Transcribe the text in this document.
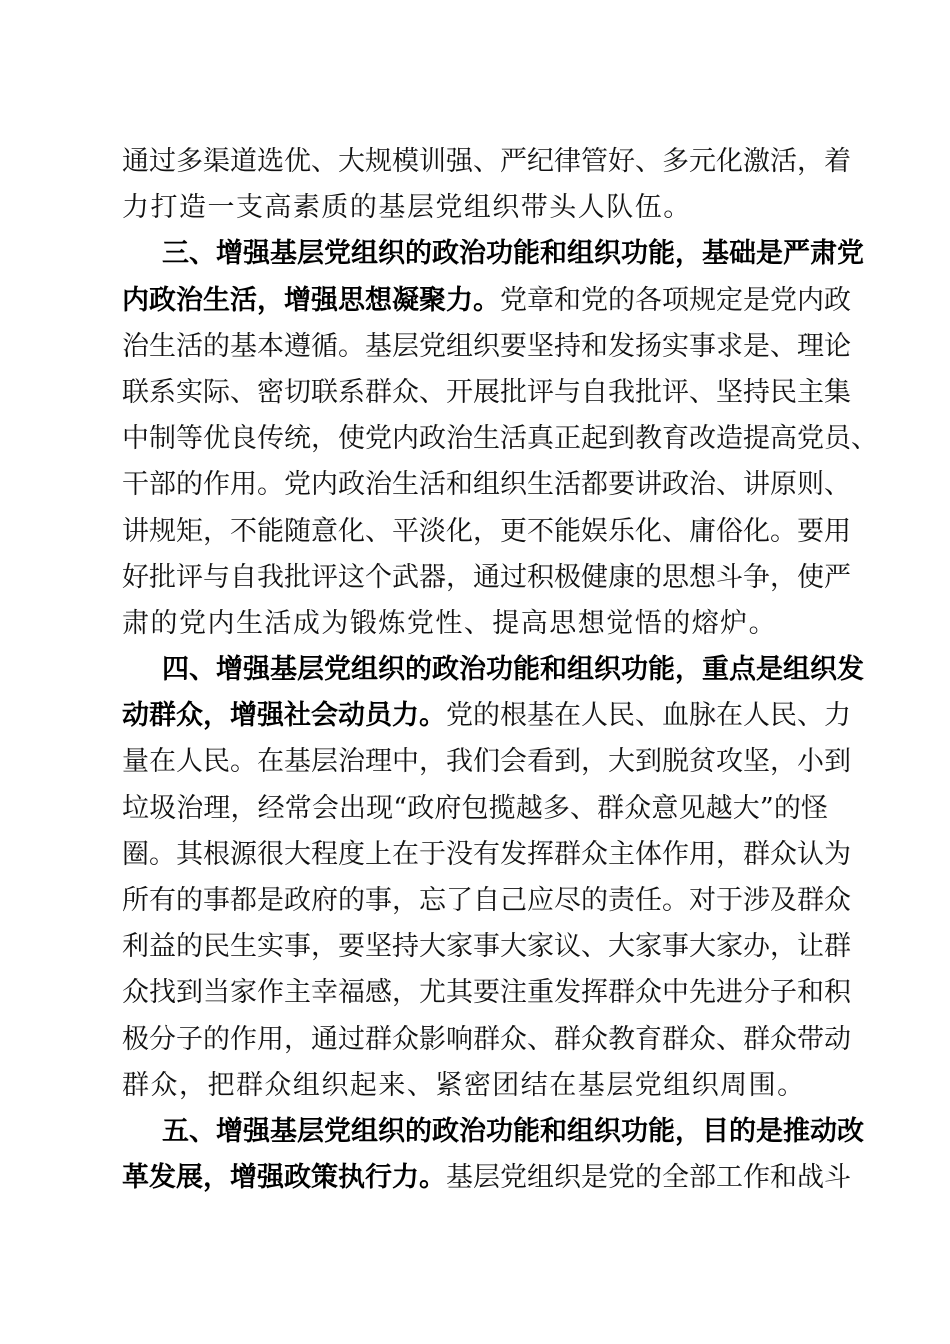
通过多渠道选优、大规模训强、严纪律管好、多元化激活，着
力打造一支高素质的基层党组织带头人队伍。
三、增强基层党组织的政治功能和组织功能，基础是严肃党
内政治生活，增强思想凝聚力。党章和党的各项规定是党内政
治生活的基本遵循。基层党组织要坚持和发扬实事求是、理论
联系实际、密切联系群众、开展批评与自我批评、坚持民主集
中制等优良传统，使党内政治生活真正起到教育改造提高党员、
干部的作用。党内政治生活和组织生活都要讲政治、讲原则、
讲规矩，不能随意化、平淡化，更不能娱乐化、庸俗化。要用
好批评与自我批评这个武器，通过积极健康的思想斗争，使严
肃的党内生活成为锻炼党性、提高思想觉悟的熔炉。
四、增强基层党组织的政治功能和组织功能，重点是组织发
动群众，增强社会动员力。党的根基在人民、血脉在人民、力
量在人民。在基层治理中，我们会看到，大到脱贫攻坚，小到
垃圾治理，经常会出现“政府包揽越多、群众意见越大”的怪
圈。其根源很大程度上在于没有发挥群众主体作用，群众认为
所有的事都是政府的事，忘了自己应尽的责任。对于涉及群众
利益的民生实事，要坚持大家事大家议、大家事大家办，让群
众找到当家作主幸福感，尤其要注重发挥群众中先进分子和积
极分子的作用，通过群众影响群众、群众教育群众、群众带动
群众，把群众组织起来、紧密团结在基层党组织周围。
五、增强基层党组织的政治功能和组织功能，目的是推动改
革发展，增强政策执行力。基层党组织是党的全部工作和战斗
